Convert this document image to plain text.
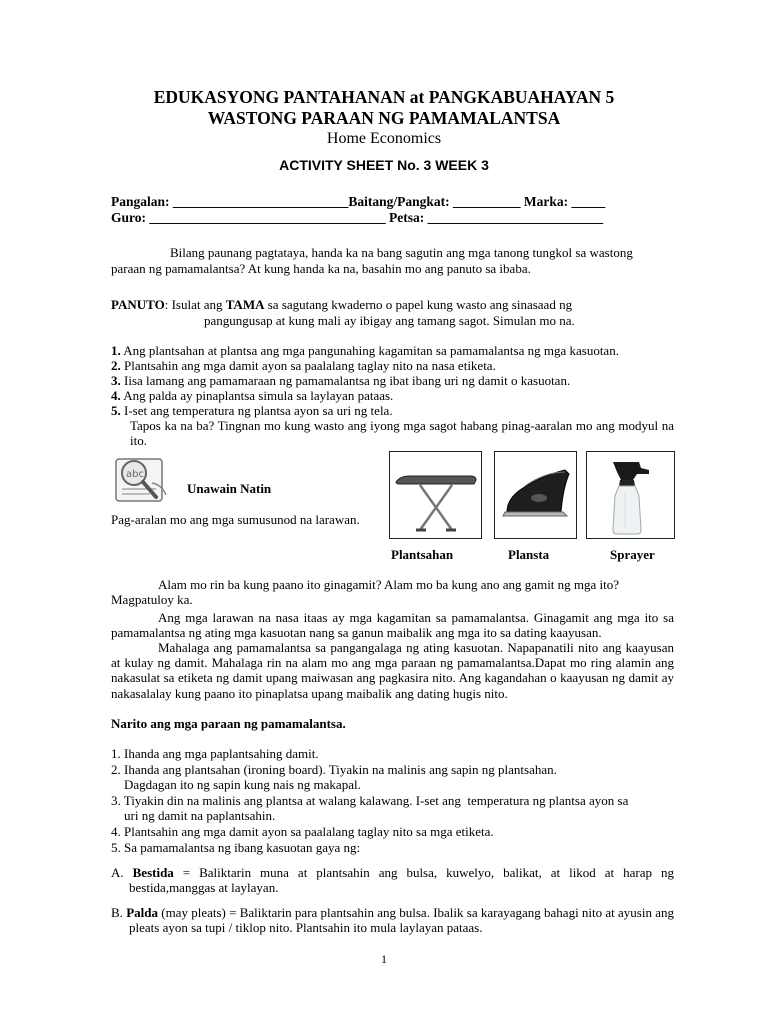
EDUKASYONG PANTAHANAN at PANGKABUAHAYAN 5
WASTONG PARAAN NG PAMAMALANTSA
Home Economics
ACTIVITY SHEET No. 3 WEEK 3
Pangalan: __________________________Baitang/Pangkat: __________ Marka: _____
Guro: ___________________________________ Petsa: __________________________
Bilang paunang pagtataya, handa ka na bang sagutin ang mga tanong tungkol sa wastong
paraan ng pamamalantsa? At kung handa ka na, basahin mo ang panuto sa ibaba.
PANUTO: Isulat ang TAMA sa sagutang kwaderno o papel kung wasto ang sinasaad ng
pangungusap at kung mali ay ibigay ang tamang sagot. Simulan mo na.
1. Ang plantsahan at plantsa ang mga pangunahing kagamitan sa pamamalantsa ng mga kasuotan.
2. Plantsahin ang mga damit ayon sa paalalang taglay nito na nasa etiketa.
3. Iisa lamang ang pamamaraan ng pamamalantsa ng ibat ibang uri ng damit o kasuotan.
4. Ang palda ay pinaplantsa simula sa laylayan pataas.
5. I-set ang temperatura ng plantsa ayon sa uri ng tela.
Tapos ka na ba? Tingnan mo kung wasto ang iyong mga sagot habang pinag-aaralan mo ang modyul na ito.
abc
Unawain Natin
Pag-aralan mo ang mga sumusunod na larawan.
Plantsahan	Plansta	Sprayer
Alam mo rin ba kung paano ito ginagamit? Alam mo ba kung ano ang gamit ng mga ito?
Magpatuloy ka.
Ang mga larawan na nasa itaas ay mga kagamitan sa pamamalantsa. Ginagamit ang mga ito sa pamamalantsa ng ating mga kasuotan nang sa ganun maibalik ang mga ito sa dating kaayusan.
Mahalaga ang pamamalantsa sa pangangalaga ng ating kasuotan. Napapanatili nito ang kaayusan at kulay ng damit. Mahalaga rin na alam mo ang mga paraan ng pamamalantsa.Dapat mo ring alamin ang nakasulat sa etiketa ng damit upang maiwasan ang pagkasira nito. Ang kagandahan o kaayusan ng damit ay nakasalalay kung paano ito pinaplatsa upang maibalik ang dating hugis nito.
Narito ang mga paraan ng pamamalantsa.
1. Ihanda ang mga paplantsahing damit.
2. Ihanda ang plantsahan (ironing board). Tiyakin na malinis ang sapin ng plantsahan.
Dagdagan ito ng sapin kung nais ng makapal.
3. Tiyakin din na malinis ang plantsa at walang kalawang. I-set ang  temperatura ng plantsa ayon sa
uri ng damit na paplantsahin.
4. Plantsahin ang mga damit ayon sa paalalang taglay nito sa mga etiketa.
5. Sa pamamalantsa ng ibang kasuotan gaya ng:
A. Bestida = Baliktarin muna at plantsahin ang bulsa, kuwelyo, balikat, at likod at harap ng bestida,manggas at laylayan.
B. Palda (may pleats) = Baliktarin para plantsahin ang bulsa. Ibalik sa karayagang bahagi nito at ayusin ang pleats ayon sa tupi / tiklop nito. Plantsahin ito mula laylayan pataas.
1
